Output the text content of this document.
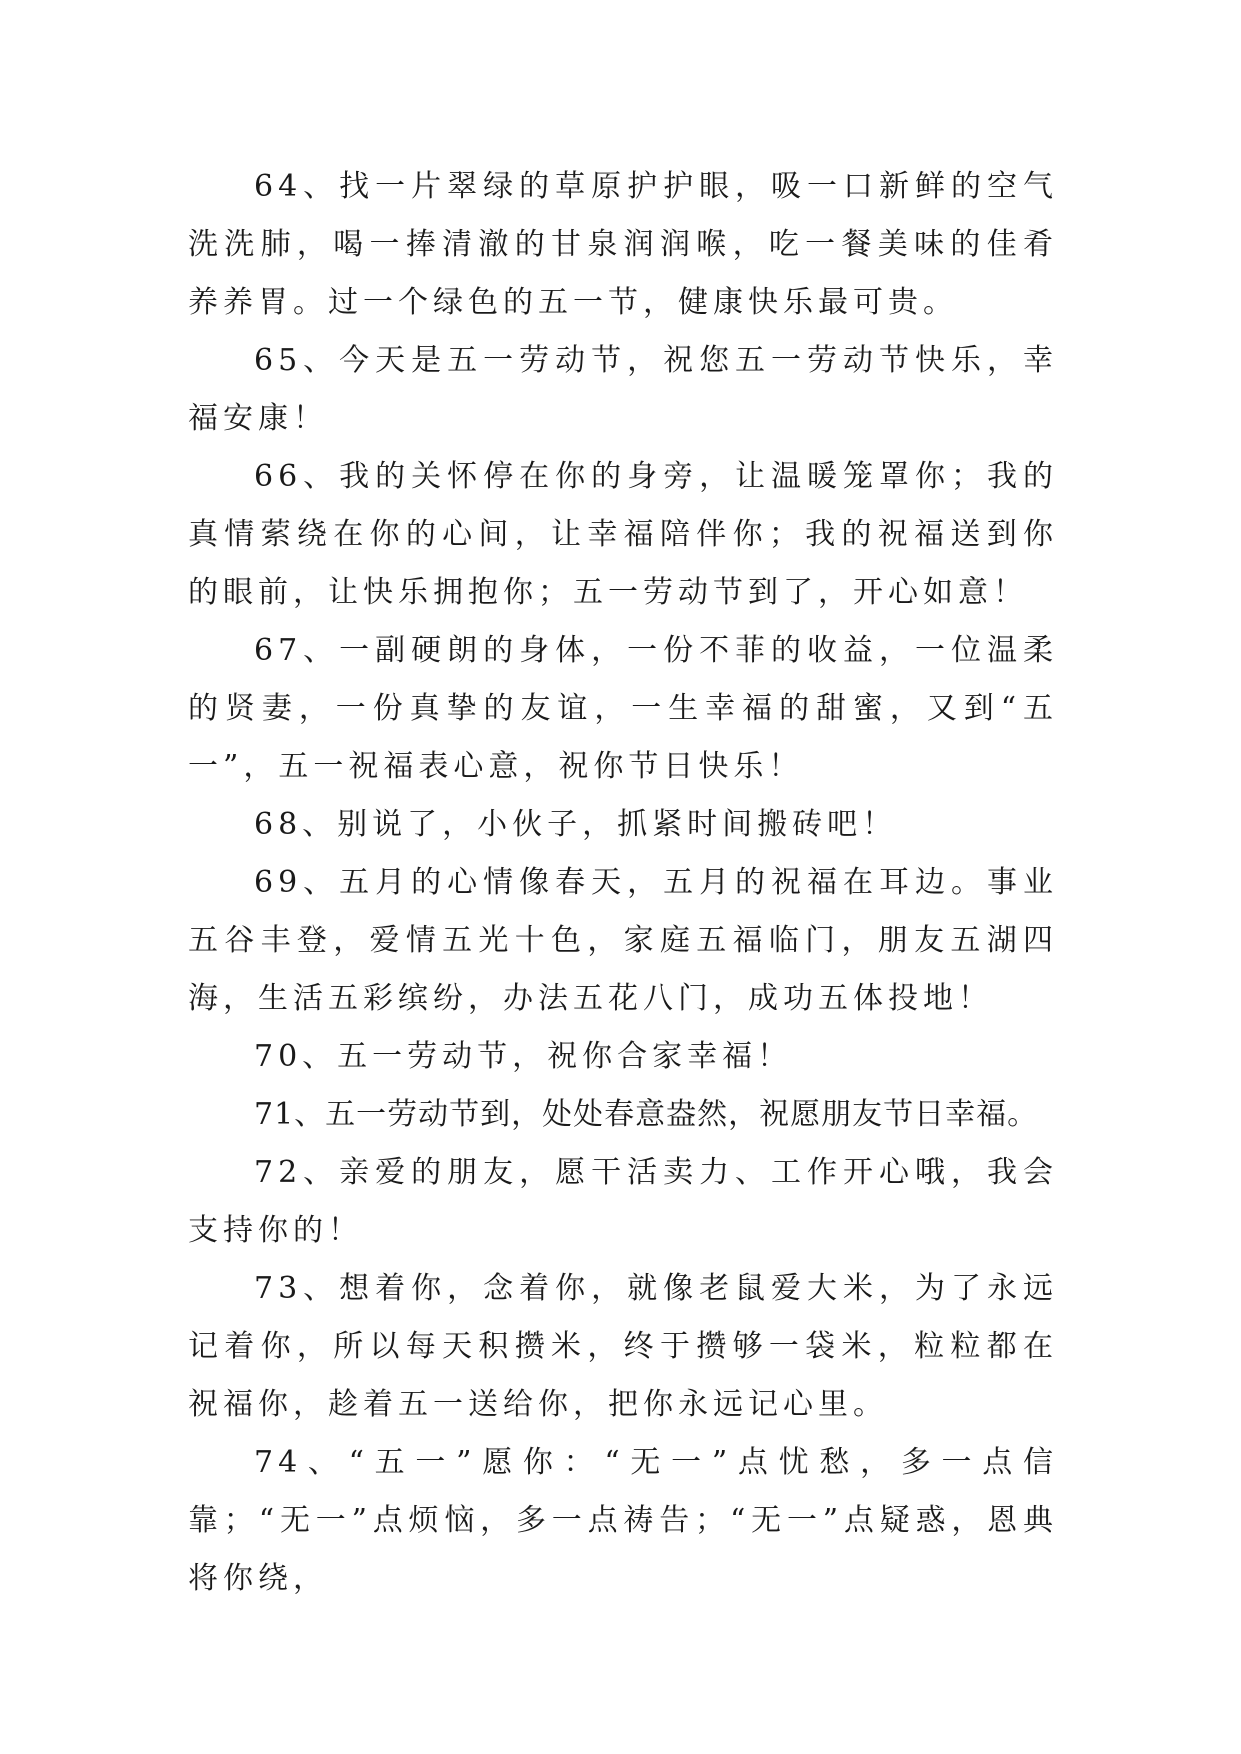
64、找一片翠绿的草原护护眼，吸一口新鲜的空气洗洗肺，喝一捧清澈的甘泉润润喉，吃一餐美味的佳肴养养胃。过一个绿色的五一节，健康快乐最可贵。

65、今天是五一劳动节，祝您五一劳动节快乐，幸福安康！

66、我的关怀停在你的身旁，让温暖笼罩你；我的真情萦绕在你的心间，让幸福陪伴你；我的祝福送到你的眼前，让快乐拥抱你；五一劳动节到了，开心如意！

67、一副硬朗的身体，一份不菲的收益，一位温柔的贤妻，一份真挚的友谊，一生幸福的甜蜜，又到“五一”，五一祝福表心意，祝你节日快乐！

68、别说了，小伙子，抓紧时间搬砖吧！

69、五月的心情像春天，五月的祝福在耳边。事业五谷丰登，爱情五光十色，家庭五福临门，朋友五湖四海，生活五彩缤纷，办法五花八门，成功五体投地！

70、五一劳动节，祝你合家幸福！

71、五一劳动节到，处处春意盎然，祝愿朋友节日幸福。

72、亲爱的朋友，愿干活卖力、工作开心哦，我会支持你的！

73、想着你，念着你，就像老鼠爱大米，为了永远记着你，所以每天积攒米，终于攒够一袋米，粒粒都在祝福你，趁着五一送给你，把你永远记心里。

74、“五一”愿你：“无一”点忧愁，多一点信靠；“无一”点烦恼，多一点祷告；“无一”点疑惑，恩典将你绕，
